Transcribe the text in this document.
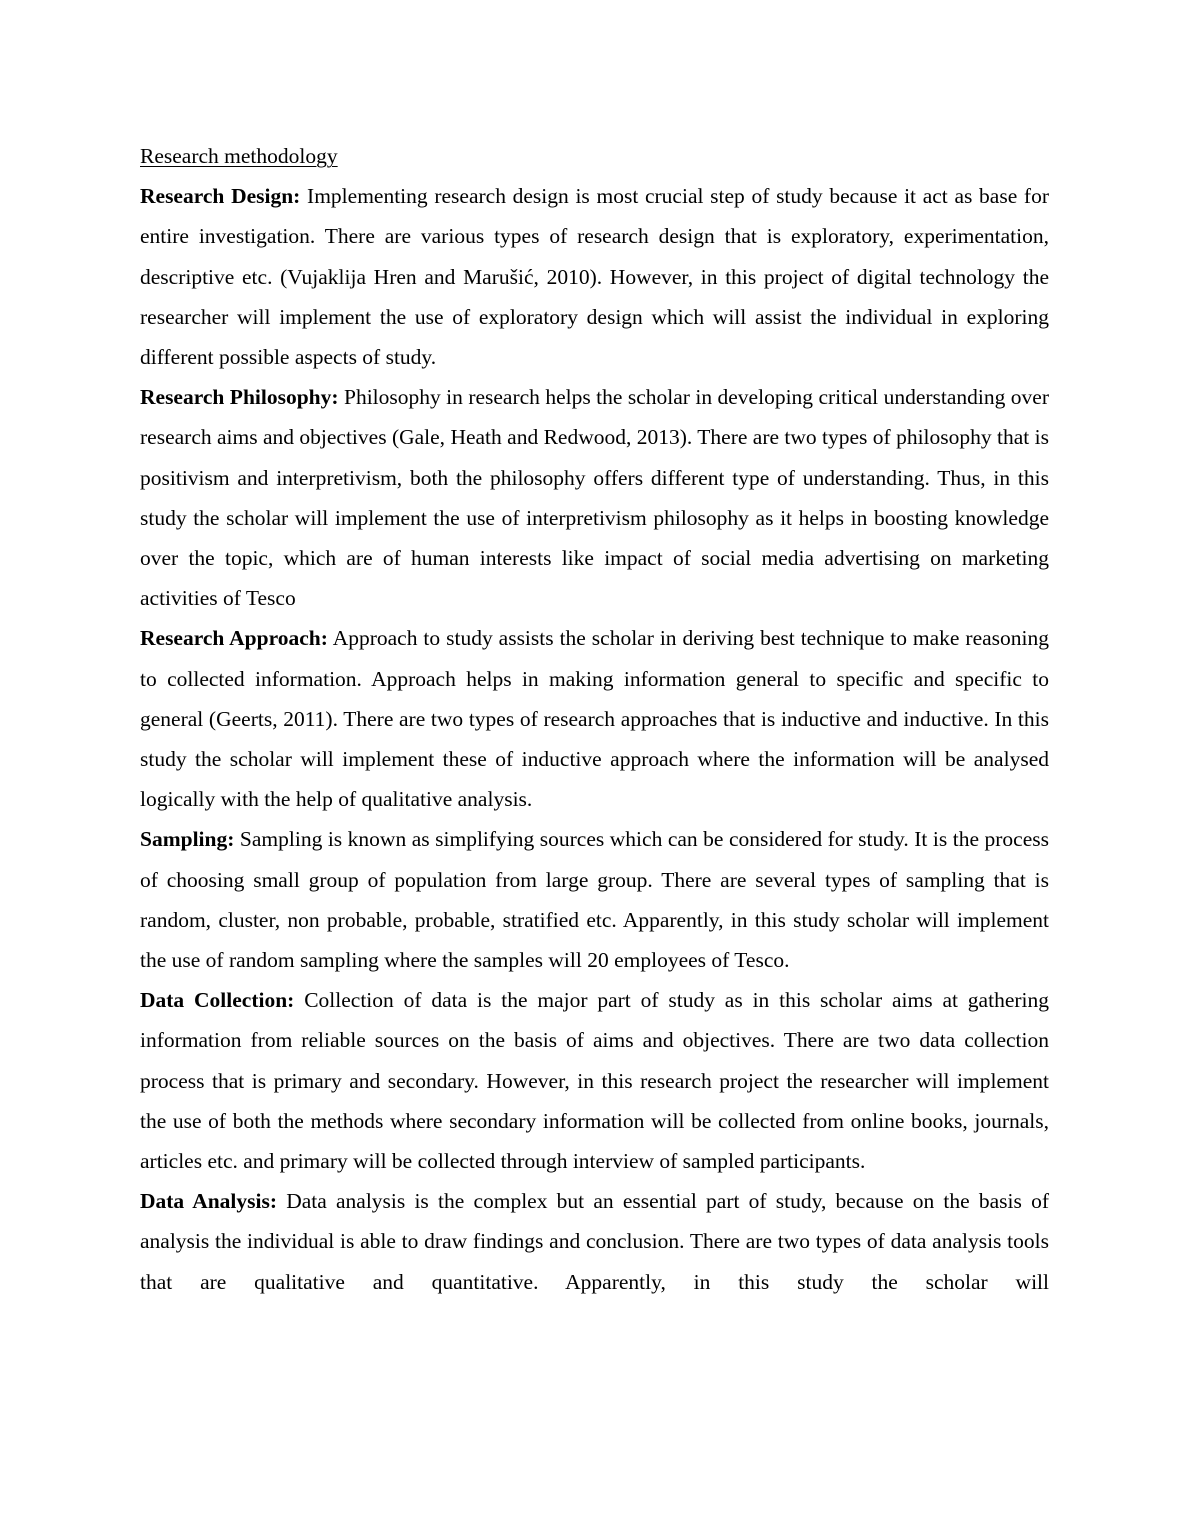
Research methodology

Research Design: Implementing research design is most crucial step of study because it act as base for entire investigation. There are various types of research design that is exploratory, experimentation, descriptive etc. (Vujaklija Hren and Marušić, 2010). However, in this project of digital technology the researcher will implement the use of exploratory design which will assist the individual in exploring different possible aspects of study.

Research Philosophy: Philosophy in research helps the scholar in developing critical understanding over research aims and objectives (Gale, Heath and Redwood, 2013). There are two types of philosophy that is positivism and interpretivism, both the philosophy offers different type of understanding. Thus, in this study the scholar will implement the use of interpretivism philosophy as it helps in boosting knowledge over the topic, which are of human interests like impact of social media advertising on marketing activities of Tesco

Research Approach: Approach to study assists the scholar in deriving best technique to make reasoning to collected information. Approach helps in making information general to specific and specific to general (Geerts, 2011). There are two types of research approaches that is inductive and inductive. In this study the scholar will implement these of inductive approach where the information will be analysed logically with the help of qualitative analysis.

Sampling: Sampling is known as simplifying sources which can be considered for study. It is the process of choosing small group of population from large group. There are several types of sampling that is random, cluster, non probable, probable, stratified etc. Apparently, in this study scholar will implement the use of random sampling where the samples will 20 employees of Tesco.

Data Collection: Collection of data is the major part of study as in this scholar aims at gathering information from reliable sources on the basis of aims and objectives. There are two data collection process that is primary and secondary. However, in this research project the researcher will implement the use of both the methods where secondary information will be collected from online books, journals, articles etc. and primary will be collected through interview of sampled participants.

Data Analysis: Data analysis is the complex but an essential part of study, because on the basis of analysis the individual is able to draw findings and conclusion. There are two types of data analysis tools that are qualitative and quantitative. Apparently, in this study the scholar will
